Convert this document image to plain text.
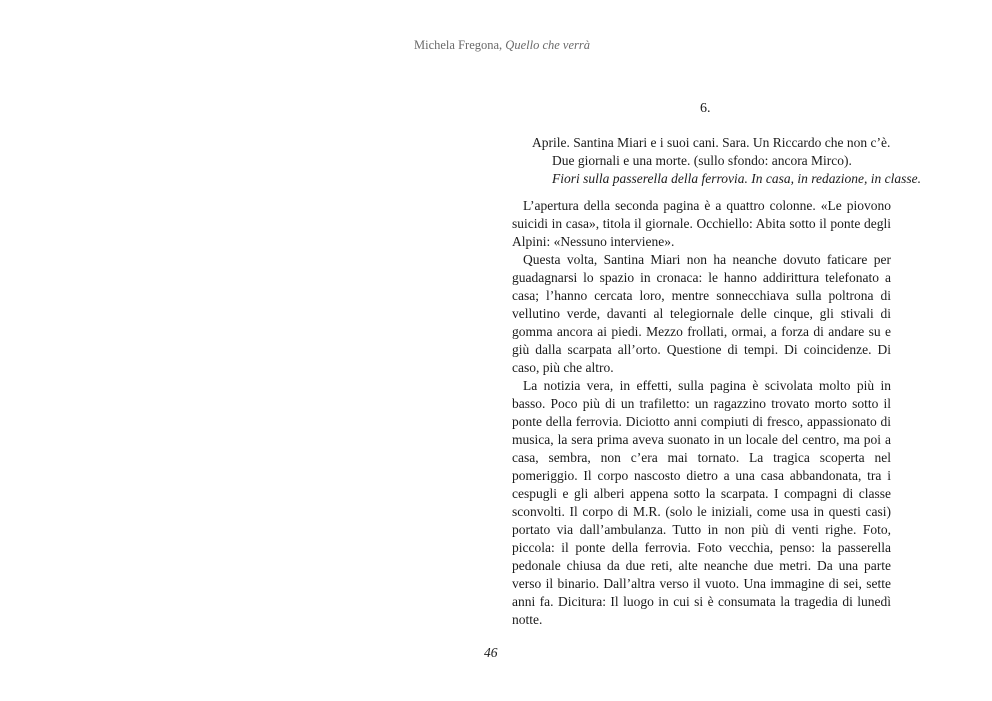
Michela Fregona, Quello che verrà
6.
Aprile. Santina Miari e i suoi cani. Sara. Un Riccardo che non c’è.
Due giornali e una morte. (sullo sfondo: ancora Mirco).
Fiori sulla passerella della ferrovia. In casa, in redazione, in classe.

L’apertura della seconda pagina è a quattro colonne. «Le piovono suicidi in casa», titola il giornale. Occhiello: Abita sotto il ponte degli Alpini: «Nessuno interviene».

Questa volta, Santina Miari non ha neanche dovuto faticare per guadagnarsi lo spazio in cronaca: le hanno addirittura telefonato a casa; l’hanno cercata loro, mentre sonnecchiava sulla poltrona di vellutino verde, davanti al telegiornale delle cinque, gli stivali di gomma ancora ai piedi. Mezzo frollati, ormai, a forza di andare su e giù dalla scarpata all’orto. Questione di tempi. Di coincidenze. Di caso, più che altro.

La notizia vera, in effetti, sulla pagina è scivolata molto più in basso. Poco più di un trafiletto: un ragazzino trovato morto sotto il ponte della ferrovia. Diciotto anni compiuti di fresco, appassionato di musica, la sera prima aveva suonato in un locale del centro, ma poi a casa, sembra, non c’era mai tornato. La tragica scoperta nel pomeriggio. Il corpo nascosto dietro a una casa abbandonata, tra i cespugli e gli alberi appena sotto la scarpata. I compagni di classe sconvolti. Il corpo di M.R. (solo le iniziali, come usa in questi casi) portato via dall’ambulanza. Tutto in non più di venti righe. Foto, piccola: il ponte della ferrovia. Foto vecchia, penso: la passerella pedonale chiusa da due reti, alte neanche due metri. Da una parte verso il binario. Dall’altra verso il vuoto. Una immagine di sei, sette anni fa. Dicitura: Il luogo in cui si è consumata la tragedia di lunedì notte.

46
